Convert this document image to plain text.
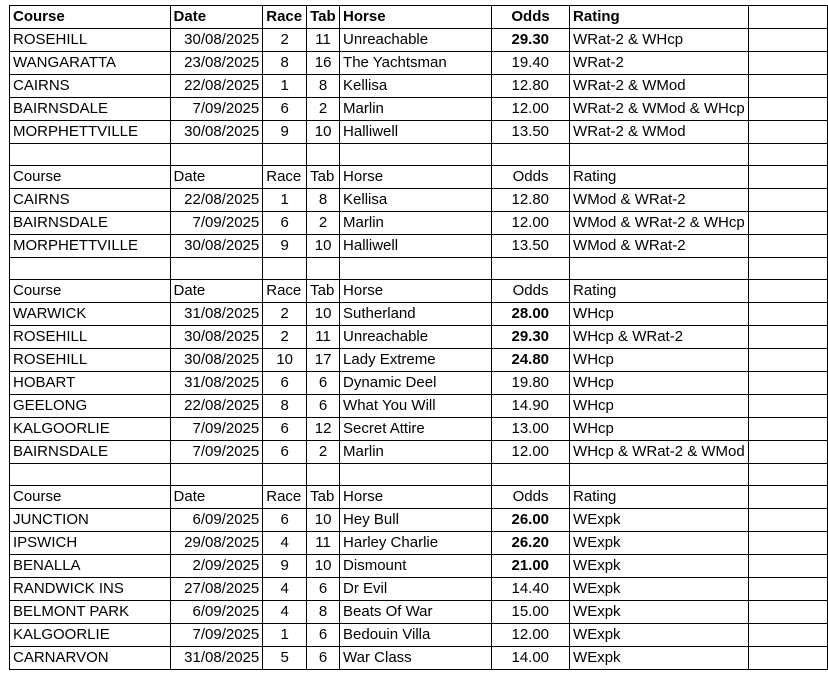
Course	Date	Race	Tab	Horse	Odds	Rating	
ROSEHILL	30/08/2025	2	11	Unreachable	29.30	WRat-2 & WHcp	
WANGARATTA	23/08/2025	8	16	The Yachtsman	19.40	WRat-2	
CAIRNS	22/08/2025	1	8	Kellisa	12.80	WRat-2 & WMod	
BAIRNSDALE	7/09/2025	6	2	Marlin	12.00	WRat-2 & WMod & WHcp	
MORPHETTVILLE	30/08/2025	9	10	Halliwell	13.50	WRat-2 & WMod	

Course	Date	Race	Tab	Horse	Odds	Rating	
CAIRNS	22/08/2025	1	8	Kellisa	12.80	WMod & WRat-2	
BAIRNSDALE	7/09/2025	6	2	Marlin	12.00	WMod & WRat-2 & WHcp	
MORPHETTVILLE	30/08/2025	9	10	Halliwell	13.50	WMod & WRat-2	

Course	Date	Race	Tab	Horse	Odds	Rating	
WARWICK	31/08/2025	2	10	Sutherland	28.00	WHcp	
ROSEHILL	30/08/2025	2	11	Unreachable	29.30	WHcp & WRat-2	
ROSEHILL	30/08/2025	10	17	Lady Extreme	24.80	WHcp	
HOBART	31/08/2025	6	6	Dynamic Deel	19.80	WHcp	
GEELONG	22/08/2025	8	6	What You Will	14.90	WHcp	
KALGOORLIE	7/09/2025	6	12	Secret Attire	13.00	WHcp	
BAIRNSDALE	7/09/2025	6	2	Marlin	12.00	WHcp & WRat-2 & WMod	

Course	Date	Race	Tab	Horse	Odds	Rating	
JUNCTION	6/09/2025	6	10	Hey Bull	26.00	WExpk	
IPSWICH	29/08/2025	4	11	Harley Charlie	26.20	WExpk	
BENALLA	2/09/2025	9	10	Dismount	21.00	WExpk	
RANDWICK INS	27/08/2025	4	6	Dr Evil	14.40	WExpk	
BELMONT PARK	6/09/2025	4	8	Beats Of War	15.00	WExpk	
KALGOORLIE	7/09/2025	1	6	Bedouin Villa	12.00	WExpk	
CARNARVON	31/08/2025	5	6	War Class	14.00	WExpk	
